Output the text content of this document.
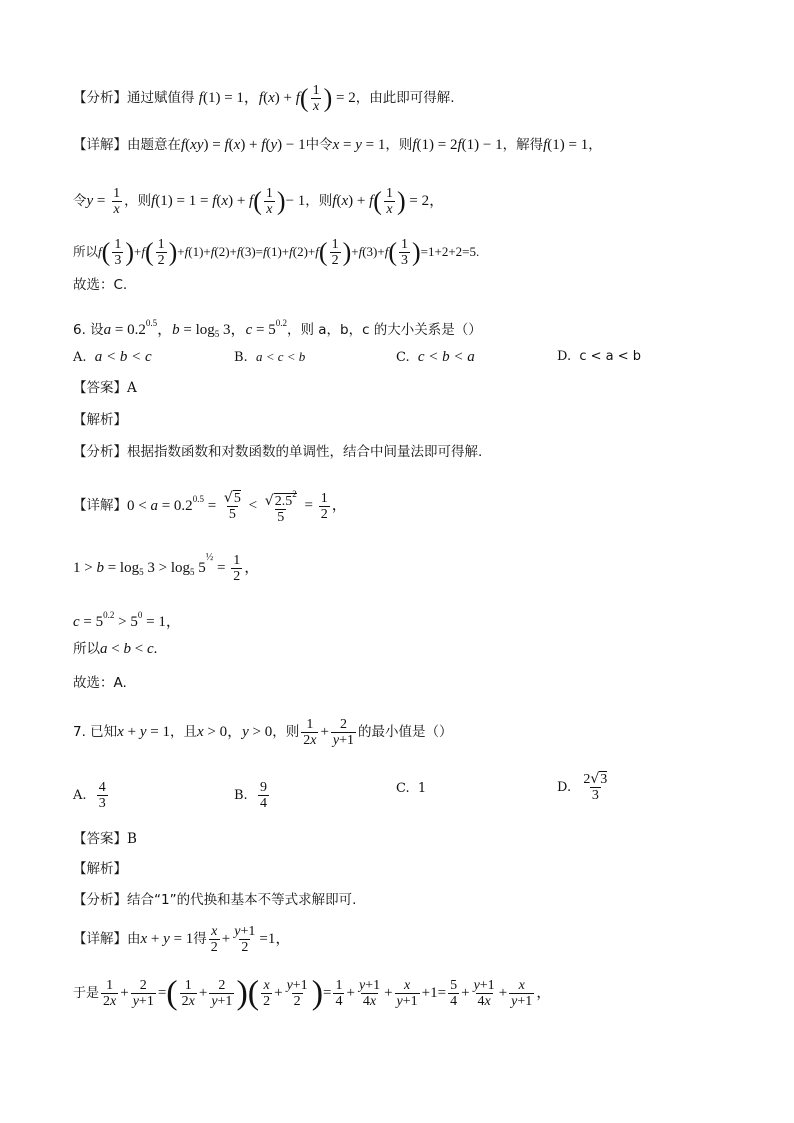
【分析】通过赋值得 f(1) = 1，$f(x) + f( \frac{1}{x}$ ) = 2，由此即可得解.
【详解】由题意在f(xy) = f(x) + f(y) − 1中令x = y = 1，则f(1) = 2f(1) − 1，解得f(1) = 1，
令$y = \frac{1}{x}$ ，则$f(1) = 1 = f(x) + f( \frac{1}{x}$ )− 1，则$f(x) + f( \frac{1}{x}$ ) = 2，
所以$f( \frac{1}{3} )+f( \frac{1}{2} )+f(1)+f(2)+f(3)=f(1)+f(2)+f( \frac{1}{2} )+f(3)+f( \frac{1}{3} )=1+2+2=5$.
故选：C.
6. 设$a = 0.2^{0.5}$，$b = \log_5 3$，$c = 5^{0.2}$，则 a，b，c 的大小关系是（）
A. a < b < c	B. a < c < b	C. c < b < a	D. c < a < b
【答案】A
【解析】
【分析】根据指数函数和对数函数的单调性，结合中间量法即可得解.
【详解】$0 < a = 0.2^{0.5} = \frac{√5}{5} < \frac{√2.5^2}{5} = \frac{1}{2}$ ，
$1 > b = \log_5 3 > \log_5 5^{\frac{1}{2}} = \frac{1}{2}$ ，
$c = 5^{0.2} > 5^0 = 1$，
所以a < b < c.
故选：A.
7. 已知x + y = 1，且x > 0，y > 0，则 $\frac{1}{2x} + \frac{2}{y+1}$ 的最小值是（）
A. $\frac{4}{3}$	B. $\frac{9}{4}$	C. 1	D. $\frac{2√3}{3}$
【答案】B
【解析】
【分析】结合“1”的代换和基本不等式求解即可.
【详解】由x + y = 1得 $\frac{x}{2} + \frac{y+1}{2} =1$，
于是 $\frac{1}{2x} + \frac{2}{y+1}$ =( $\frac{1}{2x} + \frac{2}{y+1}$ )( $\frac{x}{2} + \frac{y+1}{2}$ )= $\frac{1}{4} + \frac{y+1}{4x} + \frac{x}{y+1} +1= \frac{5}{4} + \frac{y+1}{4x} + \frac{x}{y+1}$ ，
